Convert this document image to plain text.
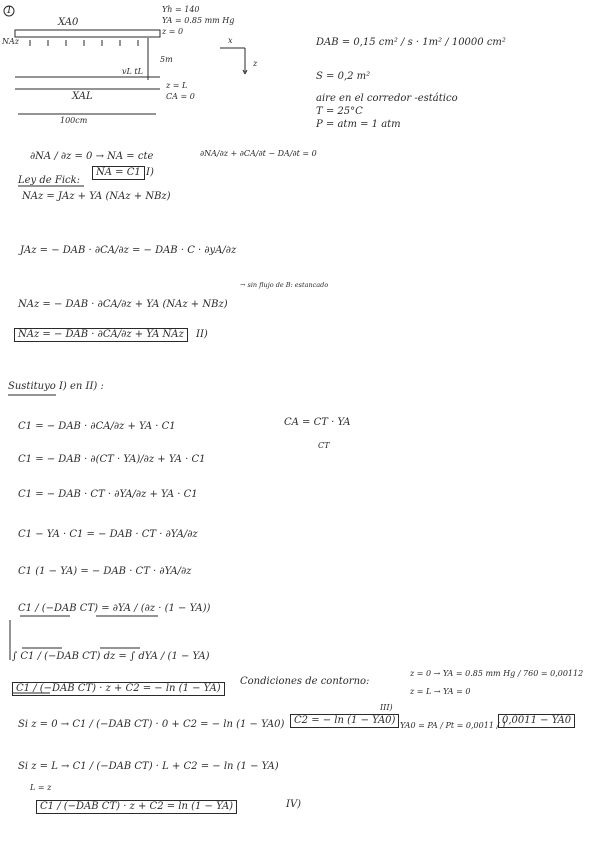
1
XA0
Yh = 140
YA = 0.85 mm Hg
z = 0
NAz
5m
vL tL
z = L
CA = 0
XAL
100cm
x
z
DAB = 0,15 cm² / s · 1m² / 10000 cm²
S = 0,2 m²
aire en el corredor -estático
T = 25°C
P = atm = 1 atm
∂NA / ∂z = 0 → NA = cte
NA = C1 I)
∂NA/∂z + ∂CA/∂t − DA/∂t = 0
Ley de Fick:
NAz = JAz + YA (NAz + NBz)
JAz = − DAB · ∂CA/∂z = − DAB · C · ∂yA/∂z
→ sin flujo de B: estancado
NAz = − DAB · ∂CA/∂z + YA (NAz + NBz)
NAz = − DAB · ∂CA/∂z + YA NAz	II)
Sustituyo I) en II) :
C1 = − DAB · ∂CA/∂z + YA · C1
C1 = − DAB · ∂(CT · YA)/∂z + YA · C1
C1 = − DAB · CT · ∂YA/∂z + YA · C1
C1 − YA · C1 = − DAB · CT · ∂YA/∂z
C1 (1 − YA) = − DAB · CT · ∂YA/∂z
CA = CT · YA
CT
C1 / (−DAB CT) = ∂YA / (∂z · (1 − YA))
∫ C1 / (−DAB CT) dz = ∫ dYA / (1 − YA)
C1 / (−DAB CT) · z + C2 = − ln (1 − YA)
Condiciones de contorno:
z = 0 → YA = 0.85 mm Hg / 760 = 0,00112
z = L → YA = 0
Si z = 0 → C1 / (−DAB CT) · 0 + C2 = − ln (1 − YA0) C2 = − ln (1 − YA0)
III)
YA0 = PA / Pt = 0,0011 / 1
0,0011 − YA0
Si z = L → C1 / (−DAB CT) · L + C2 = − ln (1 − YA)
L = z
C1 / (−DAB CT) · z + C2 = ln (1 − YA)	IV)
